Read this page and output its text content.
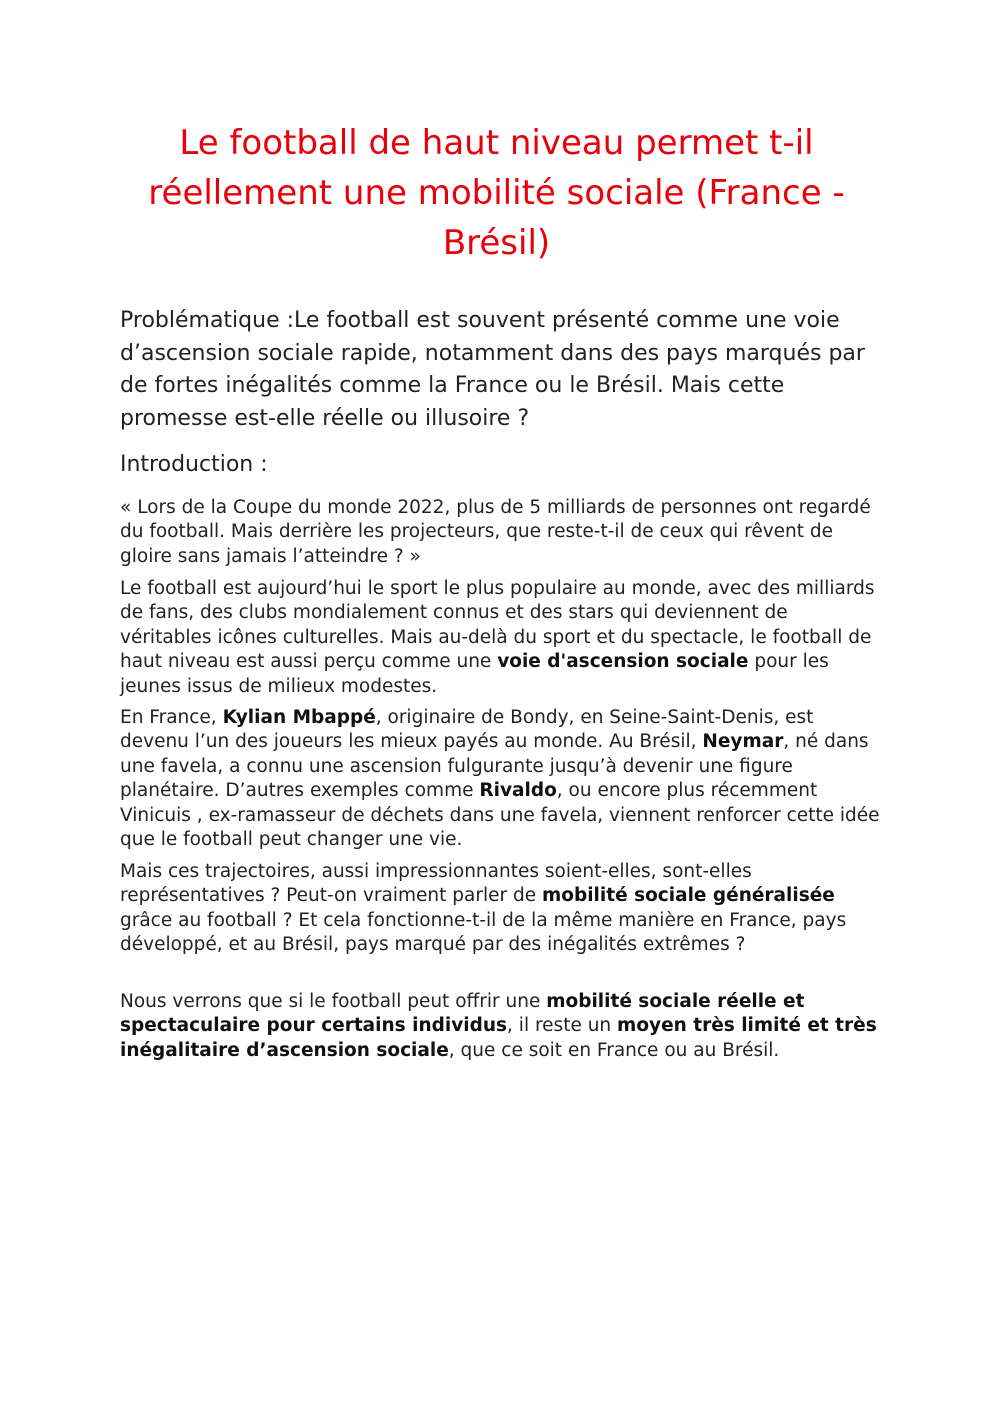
Le football de haut niveau permet t-il réellement une mobilité sociale (France - Brésil)

Problématique :Le football est souvent présenté comme une voie d’ascension sociale rapide, notamment dans des pays marqués par de fortes inégalités comme la France ou le Brésil. Mais cette promesse est-elle réelle ou illusoire ?

Introduction :

« Lors de la Coupe du monde 2022, plus de 5 milliards de personnes ont regardé du football. Mais derrière les projecteurs, que reste-t-il de ceux qui rêvent de gloire sans jamais l’atteindre ? »

Le football est aujourd’hui le sport le plus populaire au monde, avec des milliards de fans, des clubs mondialement connus et des stars qui deviennent de véritables icônes culturelles. Mais au-delà du sport et du spectacle, le football de haut niveau est aussi perçu comme une voie d'ascension sociale pour les jeunes issus de milieux modestes.

En France, Kylian Mbappé, originaire de Bondy, en Seine-Saint-Denis, est devenu l’un des joueurs les mieux payés au monde. Au Brésil, Neymar, né dans une favela, a connu une ascension fulgurante jusqu’à devenir une figure planétaire. D’autres exemples comme Rivaldo, ou encore plus récemment Vinicuis , ex-ramasseur de déchets dans une favela, viennent renforcer cette idée que le football peut changer une vie.

Mais ces trajectoires, aussi impressionnantes soient-elles, sont-elles représentatives ? Peut-on vraiment parler de mobilité sociale généralisée grâce au football ? Et cela fonctionne-t-il de la même manière en France, pays développé, et au Brésil, pays marqué par des inégalités extrêmes ?

Nous verrons que si le football peut offrir une mobilité sociale réelle et spectaculaire pour certains individus, il reste un moyen très limité et très inégalitaire d’ascension sociale, que ce soit en France ou au Brésil.
